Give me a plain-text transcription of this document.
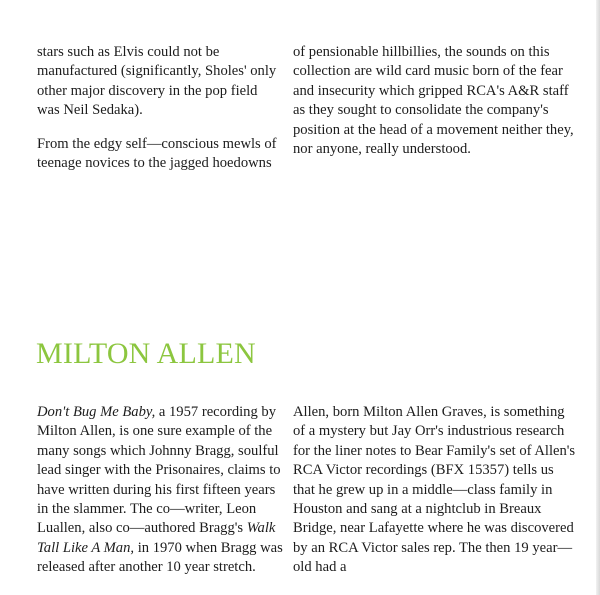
stars such as Elvis could not be manufactured (significantly, Sholes' only other major discovery in the pop field was Neil Sedaka).

From the edgy self—conscious mewls of teenage novices to the jagged hoedowns

of pensionable hillbillies, the sounds on this collection are wild card music born of the fear and insecurity which gripped RCA's A&R staff as they sought to consolidate the company's position at the head of a movement neither they, nor anyone, really understood.

MILTON ALLEN

Don't Bug Me Baby, a 1957 recording by Milton Allen, is one sure example of the many songs which Johnny Bragg, soulful lead singer with the Prisonaires, claims to have written during his first fifteen years in the slammer. The co—writer, Leon Luallen, also co—authored Bragg's Walk Tall Like A Man, in 1970 when Bragg was released after another 10 year stretch.

Allen, born Milton Allen Graves, is something of a mystery but Jay Orr's industrious research for the liner notes to Bear Family's set of Allen's RCA Victor recordings (BFX 15357) tells us that he grew up in a middle—class family in Houston and sang at a nightclub in Breaux Bridge, near Lafayette where he was discovered by an RCA Victor sales rep. The then 19 year—old had a
